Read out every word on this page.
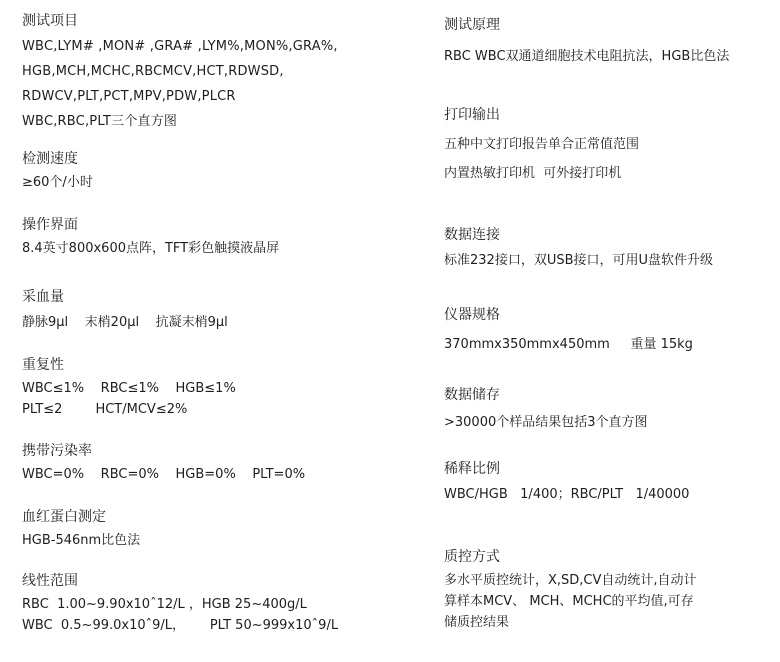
测试项目
WBC,LYM# ,MON# ,GRA# ,LYM%,MON%,GRA%,
HGB,MCH,MCHC,RBCMCV,HCT,RDWSD,
RDWCV,PLT,PCT,MPV,PDW,PLCR
WBC,RBC,PLT三个直方图
检测速度
≥60个/小时
操作界面
8.4英寸800x600点阵，TFT彩色触摸液晶屏
采血量
静脉9μl    末梢20μl    抗凝末梢9μl
重复性
WBC≤1%    RBC≤1%    HGB≤1%
PLT≤2        HCT/MCV≤2%
携带污染率
WBC=0%    RBC=0%    HGB=0%    PLT=0%
血红蛋白测定
HGB-546nm比色法
线性范围
RBC  1.00~9.90x10ˆ12/L ，HGB 25~400g/L
WBC  0.5~99.0x10ˆ9/L，      PLT 50~999x10ˆ9/L
测试原理
RBC WBC双通道细胞技术电阻抗法，HGB比色法
打印输出
五种中文打印报告单合正常值范围
内置热敏打印机  可外接打印机
数据连接
标准232接口，双USB接口，可用U盘软件升级
仪器规格
370mmx350mmx450mm     重量 15kg
数据储存
>30000个样品结果包括3个直方图
稀释比例
WBC/HGB   1/400；RBC/PLT   1/40000
质控方式
多水平质控统计，X,SD,CV自动统计,自动计
算样本MCV、 MCH、MCHC的平均值,可存
储质控结果
